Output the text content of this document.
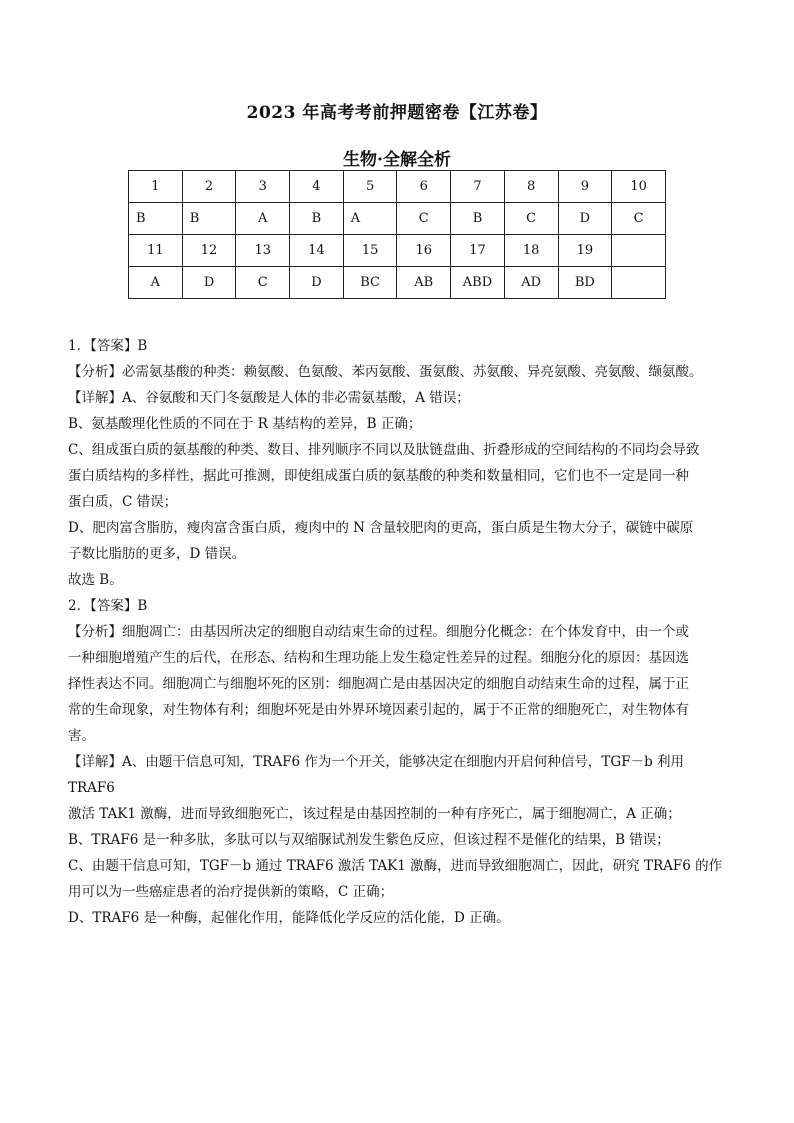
2023 年高考考前押题密卷【江苏卷】
生物·全解全析
1	2	3	4	5	6	7	8	9	10
B	B	A	B	A	C	B	C	D	C
11	12	13	14	15	16	17	18	19	
A	D	C	D	BC	AB	ABD	AD	BD	

1．【答案】B

【分析】必需氨基酸的种类：赖氨酸、色氨酸、苯丙氨酸、蛋氨酸、苏氨酸、异亮氨酸、亮氨酸、缬氨酸。

【详解】A、谷氨酸和天门冬氨酸是人体的非必需氨基酸，A 错误；

B、氨基酸理化性质的不同在于 R 基结构的差异，B 正确；

C、组成蛋白质的氨基酸的种类、数目、排列顺序不同以及肽链盘曲、折叠形成的空间结构的不同均会导致

蛋白质结构的多样性，据此可推测，即使组成蛋白质的氨基酸的种类和数量相同，它们也不一定是同一种

蛋白质，C 错误；

D、肥肉富含脂肪，瘦肉富含蛋白质，瘦肉中的 N 含量较肥肉的更高，蛋白质是生物大分子，碳链中碳原

子数比脂肪的更多，D 错误。

故选 B。

2．【答案】B

【分析】细胞凋亡：由基因所决定的细胞自动结束生命的过程。细胞分化概念：在个体发育中，由一个或

一种细胞增殖产生的后代，在形态、结构和生理功能上发生稳定性差异的过程。细胞分化的原因：基因选

择性表达不同。细胞凋亡与细胞坏死的区别：细胞凋亡是由基因决定的细胞自动结束生命的过程，属于正

常的生命现象，对生物体有利；细胞坏死是由外界环境因素引起的，属于不正常的细胞死亡，对生物体有

害。

【详解】A、由题干信息可知，TRAF6 作为一个开关，能够决定在细胞内开启何种信号，TGF－b 利用 TRAF6

激活 TAK1 激酶，进而导致细胞死亡，该过程是由基因控制的一种有序死亡，属于细胞凋亡，A 正确；

B、TRAF6 是一种多肽，多肽可以与双缩脲试剂发生紫色反应，但该过程不是催化的结果，B 错误；

C、由题干信息可知，TGF－b 通过 TRAF6 激活 TAK1 激酶，进而导致细胞凋亡，因此，研究 TRAF6 的作

用可以为一些癌症患者的治疗提供新的策略，C 正确；

D、TRAF6 是一种酶，起催化作用，能降低化学反应的活化能，D 正确。
